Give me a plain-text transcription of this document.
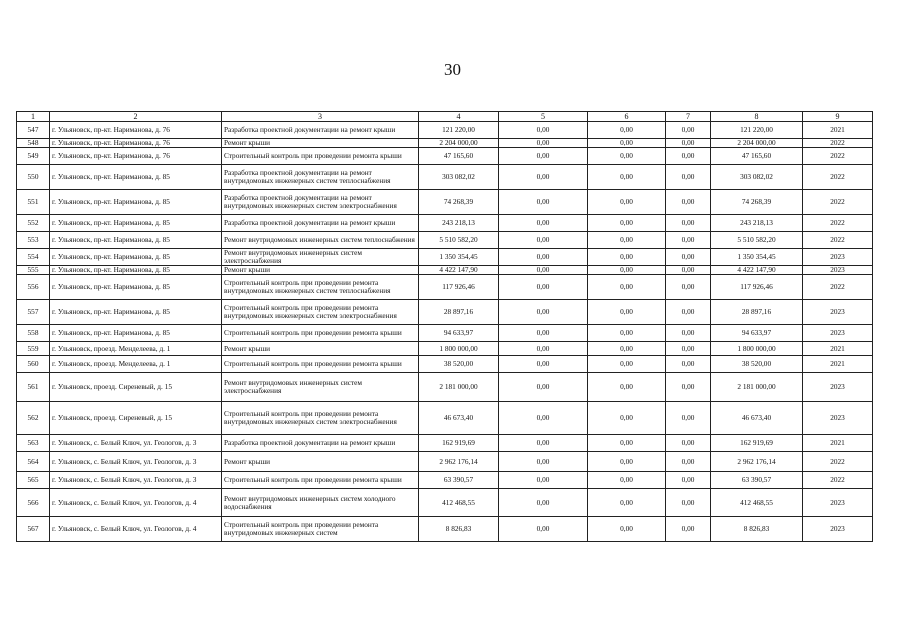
30
1	2	3	4	5	6	7	8	9
547	г. Ульяновск, пр-кт. Нариманова, д. 76	Разработка проектной документации на ремонт крыши	121 220,00	0,00	0,00	0,00	121 220,00	2021
548	г. Ульяновск, пр-кт. Нариманова, д. 76	Ремонт крыши	2 204 000,00	0,00	0,00	0,00	2 204 000,00	2022
549	г. Ульяновск, пр-кт. Нариманова, д. 76	Строительный контроль при проведении ремонта крыши	47 165,60	0,00	0,00	0,00	47 165,60	2022
550	г. Ульяновск, пр-кт. Нариманова, д. 85	Разработка проектной документации на ремонт внутридомовых инженерных систем теплоснабжения	303 082,02	0,00	0,00	0,00	303 082,02	2022
551	г. Ульяновск, пр-кт. Нариманова, д. 85	Разработка проектной документации на ремонт внутридомовых инженерных систем электроснабжения	74 268,39	0,00	0,00	0,00	74 268,39	2022
552	г. Ульяновск, пр-кт. Нариманова, д. 85	Разработка проектной документации на ремонт крыши	243 218,13	0,00	0,00	0,00	243 218,13	2022
553	г. Ульяновск, пр-кт. Нариманова, д. 85	Ремонт внутридомовых инженерных систем теплоснабжения	5 510 582,20	0,00	0,00	0,00	5 510 582,20	2022
554	г. Ульяновск, пр-кт. Нариманова, д. 85	Ремонт внутридомовых инженерных систем электроснабжения	1 350 354,45	0,00	0,00	0,00	1 350 354,45	2023
555	г. Ульяновск, пр-кт. Нариманова, д. 85	Ремонт крыши	4 422 147,90	0,00	0,00	0,00	4 422 147,90	2023
556	г. Ульяновск, пр-кт. Нариманова, д. 85	Строительный контроль при проведении ремонта внутридомовых инженерных систем теплоснабжения	117 926,46	0,00	0,00	0,00	117 926,46	2022
557	г. Ульяновск, пр-кт. Нариманова, д. 85	Строительный контроль при проведении ремонта внутридомовых инженерных систем электроснабжения	28 897,16	0,00	0,00	0,00	28 897,16	2023
558	г. Ульяновск, пр-кт. Нариманова, д. 85	Строительный контроль при проведении ремонта крыши	94 633,97	0,00	0,00	0,00	94 633,97	2023
559	г. Ульяновск, проезд. Менделеева, д. 1	Ремонт крыши	1 800 000,00	0,00	0,00	0,00	1 800 000,00	2021
560	г. Ульяновск, проезд. Менделеева, д. 1	Строительный контроль при проведении ремонта крыши	38 520,00	0,00	0,00	0,00	38 520,00	2021
561	г. Ульяновск, проезд. Сиреневый, д. 15	Ремонт внутридомовых инженерных систем электроснабжения	2 181 000,00	0,00	0,00	0,00	2 181 000,00	2023
562	г. Ульяновск, проезд. Сиреневый, д. 15	Строительный контроль при проведении ремонта внутридомовых инженерных систем электроснабжения	46 673,40	0,00	0,00	0,00	46 673,40	2023
563	г. Ульяновск, с. Белый Ключ, ул. Геологов, д. 3	Разработка проектной документации на ремонт крыши	162 919,69	0,00	0,00	0,00	162 919,69	2021
564	г. Ульяновск, с. Белый Ключ, ул. Геологов, д. 3	Ремонт крыши	2 962 176,14	0,00	0,00	0,00	2 962 176,14	2022
565	г. Ульяновск, с. Белый Ключ, ул. Геологов, д. 3	Строительный контроль при проведении ремонта крыши	63 390,57	0,00	0,00	0,00	63 390,57	2022
566	г. Ульяновск, с. Белый Ключ, ул. Геологов, д. 4	Ремонт внутридомовых инженерных систем холодного водоснабжения	412 468,55	0,00	0,00	0,00	412 468,55	2023
567	г. Ульяновск, с. Белый Ключ, ул. Геологов, д. 4	Строительный контроль при проведении ремонта внутридомовых инженерных систем	8 826,83	0,00	0,00	0,00	8 826,83	2023
